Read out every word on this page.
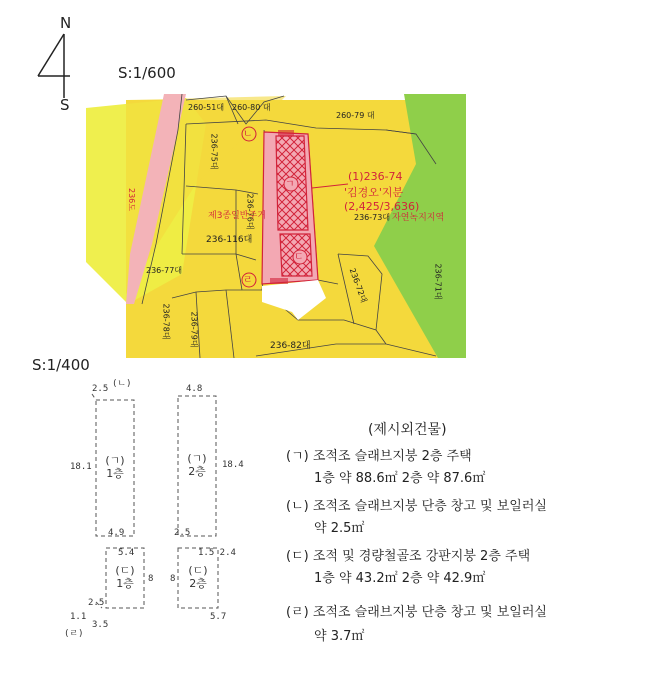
N
S
S:1/600
ㄴ
ㄹ
ㄱ
ㄷ
260-51대 260-80 대
260-79 대
236-75대
236-76대
236-116대
236-73대
236-77대
236-78대 236-79대
236-72대	236-71대
236-82대
236도
제3종일반주거	자연녹지지역
(1)236-74
'김경오'지분(2,425/3,636)
S:1/400
2.5 (ㄴ)
18.1
4.9
(ㄱ)
1층
4.8
18.4
2.5
(ㄱ)
2층
5.4
8
2.5
1.1
3.5
(ㄹ)
(ㄷ)
1층
1.5 2.4
8
5.7
(ㄷ)
2층
(제시외건물)
(ㄱ) 조적조 슬래브지붕 2층 주택
1층 약 88.6㎡ 2층 약 87.6㎡
(ㄴ) 조적조 슬래브지붕 단층 창고 및 보일러실
약 2.5㎡
(ㄷ) 조적 및 경량철골조 강판지붕 2층 주택
1층 약 43.2㎡ 2층 약 42.9㎡
(ㄹ) 조적조 슬래브지붕 단층 창고 및 보일러실
약 3.7㎡
